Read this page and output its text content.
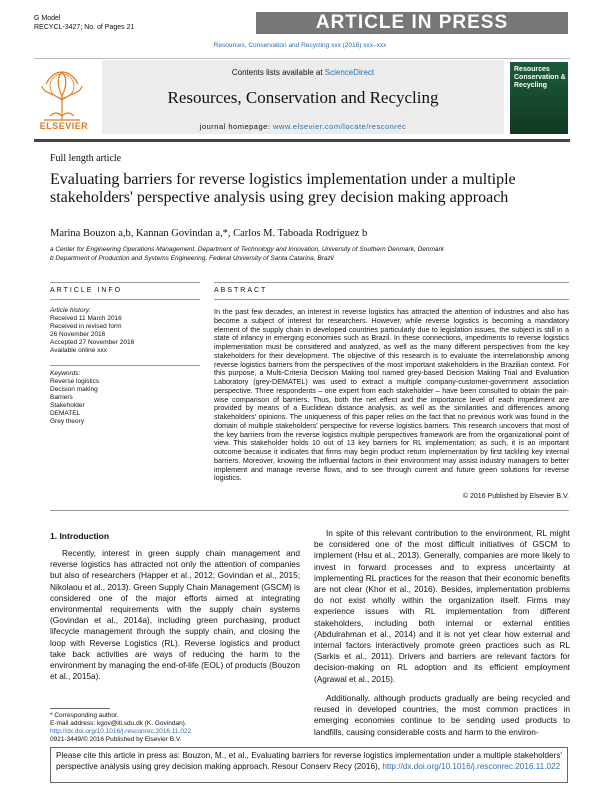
G Model
RECYCL-3427; No. of Pages 21	ARTICLE IN PRESS
Resources, Conservation and Recycling xxx (2016) xxx–xxx
ELSEVIER
Contents lists available at ScienceDirect
Resources, Conservation and Recycling
journal homepage: www.elsevier.com/locate/resconrec
Resources Conservation & Recycling
Full length article
Evaluating barriers for reverse logistics implementation under a multiple stakeholders' perspective analysis using grey decision making approach
Marina Bouzon a,b, Kannan Govindan a,*, Carlos M. Taboada Rodriguez b
a Center for Engineering Operations Management, Department of Technology and Innovation, University of Southern Denmark, Denmark
b Department of Production and Systems Engineering, Federal University of Santa Catarina, Brazil
ARTICLE INFO	ABSTRACT
Article history:
Received 11 March 2016
Received in revised form
26 November 2016
Accepted 27 November 2016
Available online xxx
Keywords:
Reverse logistics
Decision making
Barriers
Stakeholder
DEMATEL
Grey theory
In the past few decades, an interest in reverse logistics has attracted the attention of industries and also has become a subject of interest for researchers. However, while reverse logistics is becoming a mandatory element of the supply chain in developed countries particularly due to legislation issues, the subject is still in a state of infancy in emerging economies such as Brazil. In these connections, impediments to reverse logistics implementation must be considered and analyzed, as well as the many different perspectives from the key stakeholders for their development. The objective of this research is to evaluate the interrelationship among reverse logistics barriers from the perspectives of the most important stakeholders in the Brazilian context. For this purpose, a Multi-Criteria Decision Making tool named grey-based Decision Making Trial and Evaluation Laboratory (grey-DEMATEL) was used to extract a multiple company-customer-government association perspective. Three respondents – one expert from each stakeholder – have been consulted to obtain the pair-wise comparison of barriers. Thus, both the net effect and the importance level of each impediment are provided by means of a Euclidean distance analysis, as well as the similarities and differences among stakeholders' opinions. The uniqueness of this paper relies on the fact that no previous work was found in the domain of multiple stakeholders' perspective for reverse logistics barriers. This research uncovers that most of the key barriers from the reverse logistics multiple perspectives framework are from the organizational point of view. This stakeholder holds 10 out of 13 key barriers for RL implementation; as such, it is an important outcome because it indicates that firms may begin product return implementation by first tackling key internal barriers. Moreover, knowing the influential factors in their environment may assist industry managers to better implement and manage reverse flows, and to see through current and future green solutions for reverse logistics.
© 2016 Published by Elsevier B.V.
1. Introduction
Recently, interest in green supply chain management and reverse logistics has attracted not only the attention of companies but also of researchers (Happer et al., 2012; Govindan et al., 2015; Nikolaou et al., 2013). Green Supply Chain Management (GSCM) is considered one of the major efforts aimed at integrating environmental requirements with the supply chain systems (Govindan et al., 2014a), including green purchasing, product lifecycle management through the supply chain, and closing the loop with Reverse Logistics (RL). Reverse logistics and product take back activities are ways of reducing the harm to the environment by managing the end-of-life (EOL) of products (Bouzon et al., 2015a).
In spite of this relevant contribution to the environment, RL might be considered one of the most difficult initiatives of GSCM to implement (Hsu et al., 2013). Generally, companies are more likely to invest in forward processes and to express uncertainty at implementing RL practices for the reason that their economic benefits are not clear (Khor et al., 2016). Besides, implementation problems do not exist wholly within the organization itself. Firms may experience issues with RL implementation from different stakeholders, including both internal or external entities (Abdulrahman et al., 2014) and it is not yet clear how external and internal factors interactively promote green practices such as RL (Sarkis et al., 2011). Drivers and barriers are relevant factors for decision-making on RL adoption and its efficient employment (Agrawal et al., 2015).
Additionally, although products gradually are being recycled and reused in developed countries, the most common practices in emerging economies continue to be sending used products to landfills, causing considerable costs and harm to the environ-
* Corresponding author.
E-mail address: kgov@iti.sdu.dk (K. Govindan).
http://dx.doi.org/10.1016/j.resconrec.2016.11.022
0921-3449/© 2016 Published by Elsevier B.V.
Please cite this article in press as: Bouzon, M., et al., Evaluating barriers for reverse logistics implementation under a multiple stakeholders' perspective analysis using grey decision making approach. Resour Conserv Recy (2016), http://dx.doi.org/10.1016/j.resconrec.2016.11.022
